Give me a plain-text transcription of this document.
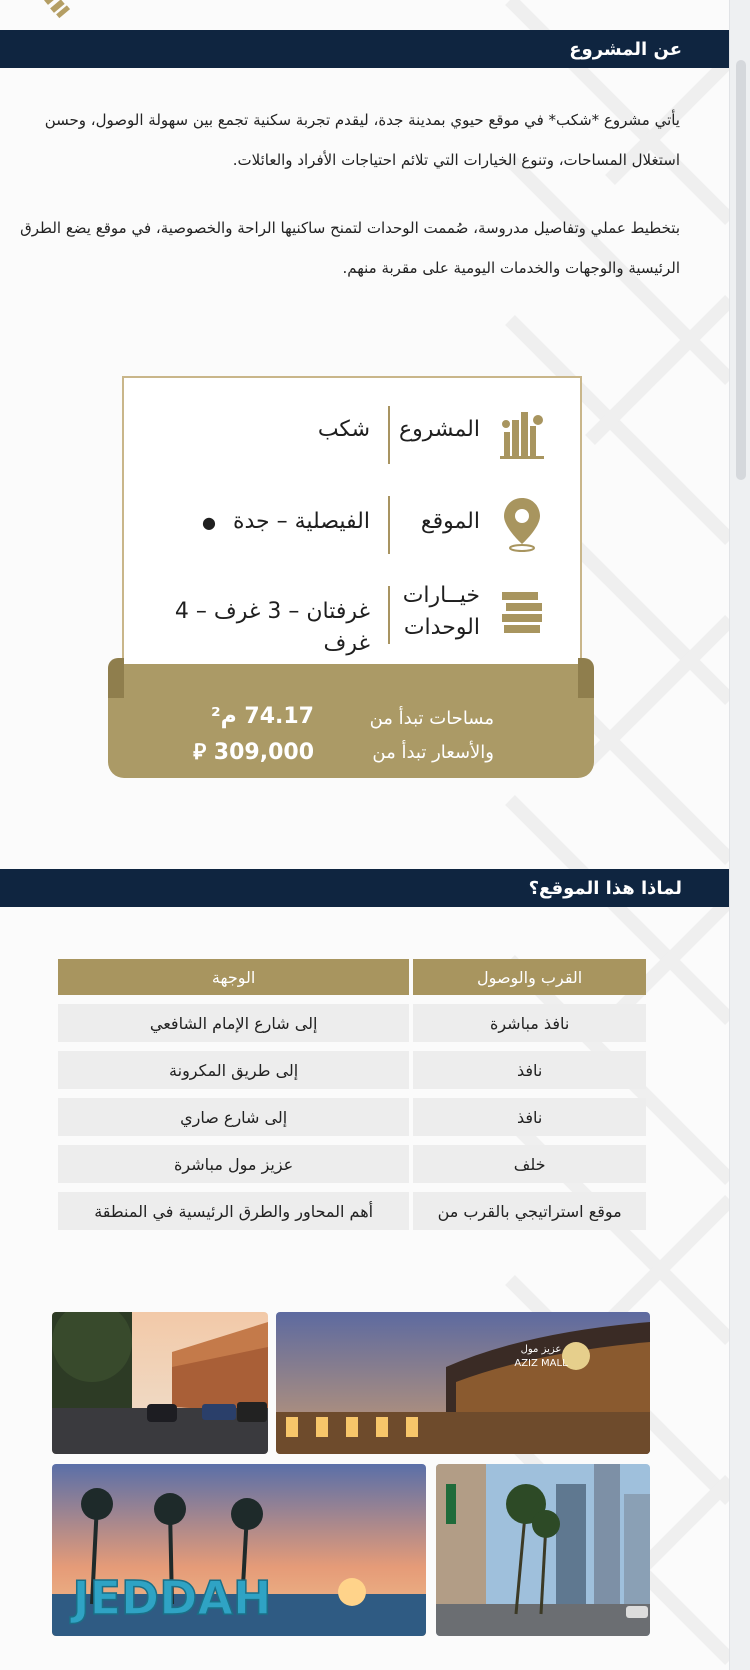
عن المشروع
يأتي مشروع *شكب* في موقع حيوي بمدينة جدة، ليقدم تجربة سكنية تجمع بين سهولة الوصول، وحسن
استغلال المساحات، وتنوع الخيارات التي تلائم احتياجات الأفراد والعائلات.
بتخطيط عملي وتفاصيل مدروسة، صُممت الوحدات لتمنح ساكنيها الراحة والخصوصية، في موقع يضع الطرق
الرئيسية والوجهات والخدمات اليومية على مقربة منهم.
المشروع
شكب
الموقع
الفيصلية – جدة ●
خيــارات
الوحدات
غرفتان – 3 غرف – 4 غرف
مساحات تبدأ من
74.17 م²
والأسعار تبدأ من
309,000 ⃁
لماذا هذا الموقع؟
القرب والوصول	الوجهة
نافذ مباشرة	إلى شارع الإمام الشافعي
نافذ	إلى طريق المكرونة
نافذ	إلى شارع صاري
خلف	عزيز مول مباشرة
موقع استراتيجي بالقرب من	أهم المحاور والطرق الرئيسية في المنطقة
عزيز مول
AZIZ MALL
JEDDAH
